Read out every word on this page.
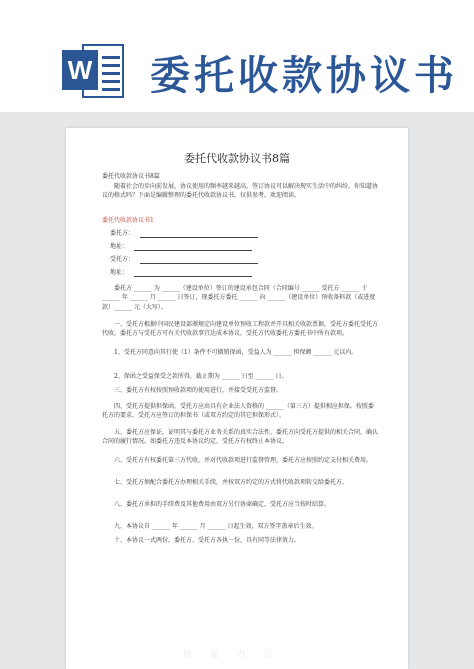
W 委托收款协议书
委托代收款协议书8篇
委托代收款协议书8篇
随着社会的步向前发展，协议使用的频率越来越高，签订协议可以解决现实生活中的纠纷。你知道协议的格式吗？下面是编辑整理的委托代收款协议书，仅供参考。欢迎阅读。
委托代收款协议书1
委托方：
地址：
受托方：
地址：
委托方 ______ 为 ______（建设单位）签订的建设承包合同（合同编号 ______ 受托方 ______ 于 ______ 年 ______ 月 ______ 日签订，现委托方委托 ______ 向 ______（建设单位）预收备料款（或进度款）______ 元（大写）。
一、受托方根据中国民建设部颁规定向建设单位预收工程款并开具相关收款票据，受托方委托受托方代收。委托方与受托方可有关代收款事宜达成本协议，受托方代收委托方委托书中所有款项。
1、受托方同意向其行使（1）条件不可撤销保函，受益人为 ______ 担保额 ______ 元以内。
2、保函之受益保受之款所得，截止期为 ______ 日至 ______ 日。
三、委托方有权按照预收款项的使用进行，并接受受托方监督。
四、受托方提供担保函，受托方应由具有企业法人资格的 ______（第三方）提供相应担保。按照委托方的要求，受托方应签订的担保书（或双方约定的其它担保形式）。
五、委托方应保证，证明其与委托方业务关系的真实合法性，委托方向受托方提供的相关合同，确认合同的履行情况。如委托方违反本协议约定，受托方有权终止本协议。
六、受托方有权委托第三方代收，并对代收款项进行监督管理，委托方应按照约定支付相关费用。
七、受托方须配合委托方办理相关手续，并按双方约定的方式将代收款项转交给委托方。
八、委托方承担的手续费及其他费用由双方另行协商确定，受托方应当按时结算。
九、本协议自 ______ 年 ______ 月 ______ 日起生效，双方签字盖章后生效。
十、本协议一式两份，委托方、受托方各执一份，具有同等法律效力。
熊猫办公
